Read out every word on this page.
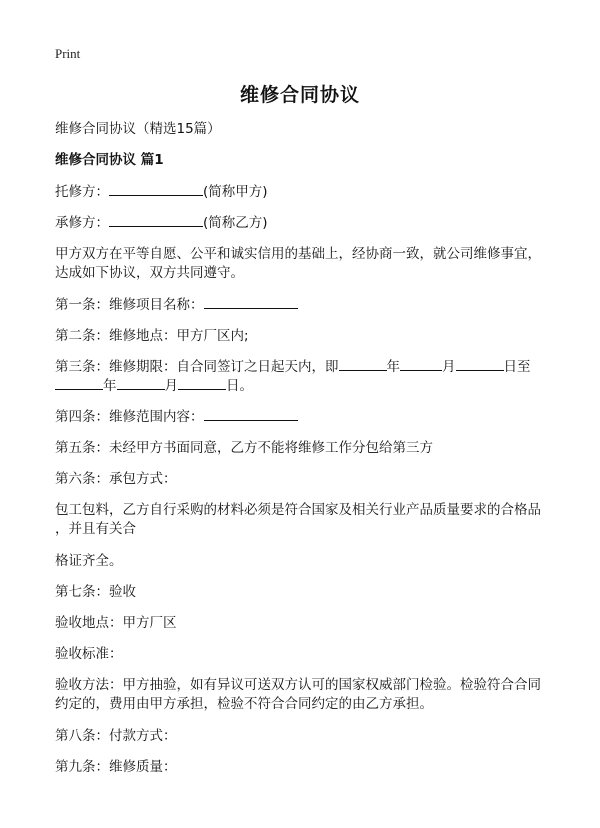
Print
维修合同协议
维修合同协议（精选15篇）
维修合同协议 篇1
托修方：	(简称甲方)
承修方：	(简称乙方)
甲方双方在平等自愿、公平和诚实信用的基础上，经协商一致，就公司维修事宜，
达成如下协议，双方共同遵守。
第一条：维修项目名称：
第二条：维修地点：甲方厂区内;
第三条：维修期限：自合同签订之日起天内，即	年	月	日至
年	月	日。
第四条：维修范围内容：
第五条：未经甲方书面同意，乙方不能将维修工作分包给第三方
第六条：承包方式：
包工包料，乙方自行采购的材料必须是符合国家及相关行业产品质量要求的合格品
，并且有关合
格证齐全。
第七条：验收
验收地点：甲方厂区
验收标准：
验收方法：甲方抽验，如有异议可送双方认可的国家权威部门检验。检验符合合同
约定的，费用由甲方承担，检验不符合合同约定的由乙方承担。
第八条：付款方式：
第九条：维修质量：
